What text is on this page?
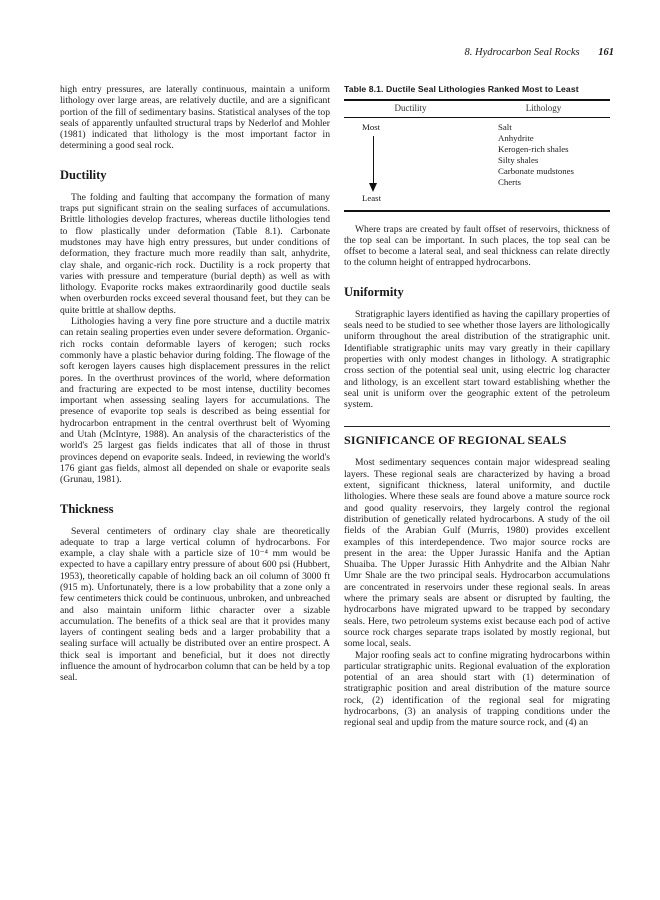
8. Hydrocarbon Seal Rocks 161

high entry pressures, are laterally continuous, maintain a uniform lithology over large areas, are relatively ductile, and are a significant portion of the fill of sedimentary basins. Statistical analyses of the top seals of apparently unfaulted structural traps by Nederlof and Mohler (1981) indicated that lithology is the most important factor in determining a good seal rock.

Ductility

The folding and faulting that accompany the formation of many traps put significant strain on the sealing surfaces of accumulations. Brittle lithologies develop fractures, whereas ductile lithologies tend to flow plastically under deformation (Table 8.1). Carbonate mudstones may have high entry pressures, but under conditions of deformation, they fracture much more readily than salt, anhydrite, clay shale, and organic-rich rock. Ductility is a rock property that varies with pressure and temperature (burial depth) as well as with lithology. Evaporite rocks makes extraordinarily good ductile seals when overburden rocks exceed several thousand feet, but they can be quite brittle at shallow depths.

Lithologies having a very fine pore structure and a ductile matrix can retain sealing properties even under severe deformation. Organic-rich rocks contain deformable layers of kerogen; such rocks commonly have a plastic behavior during folding. The flowage of the soft kerogen layers causes high displacement pressures in the relict pores. In the overthrust provinces of the world, where deformation and fracturing are expected to be most intense, ductility becomes important when assessing sealing layers for accumulations. The presence of evaporite top seals is described as being essential for hydrocarbon entrapment in the central overthrust belt of Wyoming and Utah (McIntyre, 1988). An analysis of the characteristics of the world's 25 largest gas fields indicates that all of those in thrust provinces depend on evaporite seals. Indeed, in reviewing the world's 176 giant gas fields, almost all depended on shale or evaporite seals (Grunau, 1981).

Thickness

Several centimeters of ordinary clay shale are theoretically adequate to trap a large vertical column of hydrocarbons. For example, a clay shale with a particle size of 10⁻⁴ mm would be expected to have a capillary entry pressure of about 600 psi (Hubbert, 1953), theoretically capable of holding back an oil column of 3000 ft (915 m). Unfortunately, there is a low probability that a zone only a few centimeters thick could be continuous, unbroken, and unbreached and also maintain uniform lithic character over a sizable accumulation. The benefits of a thick seal are that it provides many layers of contingent sealing beds and a larger probability that a sealing surface will actually be distributed over an entire prospect. A thick seal is important and beneficial, but it does not directly influence the amount of hydrocarbon column that can be held by a top seal.

Table 8.1. Ductile Seal Lithologies Ranked Most to Least
Ductility	Lithology
Most
Least
Salt
Anhydrite
Kerogen-rich shales
Silty shales
Carbonate mudstones
Cherts

Where traps are created by fault offset of reservoirs, thickness of the top seal can be important. In such places, the top seal can be offset to become a lateral seal, and seal thickness can relate directly to the column height of entrapped hydrocarbons.

Uniformity

Stratigraphic layers identified as having the capillary properties of seals need to be studied to see whether those layers are lithologically uniform throughout the areal distribution of the stratigraphic unit. Identifiable stratigraphic units may vary greatly in their capillary properties with only modest changes in lithology. A stratigraphic cross section of the potential seal unit, using electric log character and lithology, is an excellent start toward establishing whether the seal unit is uniform over the geographic extent of the petroleum system.

SIGNIFICANCE OF REGIONAL SEALS

Most sedimentary sequences contain major widespread sealing layers. These regional seals are characterized by having a broad extent, significant thickness, lateral uniformity, and ductile lithologies. Where these seals are found above a mature source rock and good quality reservoirs, they largely control the regional distribution of genetically related hydrocarbons. A study of the oil fields of the Arabian Gulf (Murris, 1980) provides excellent examples of this interdependence. Two major source rocks are present in the area: the Upper Jurassic Hanifa and the Aptian Shuaiba. The Upper Jurassic Hith Anhydrite and the Albian Nahr Umr Shale are the two principal seals. Hydrocarbon accumulations are concentrated in reservoirs under these regional seals. In areas where the primary seals are absent or disrupted by faulting, the hydrocarbons have migrated upward to be trapped by secondary seals. Here, two petroleum systems exist because each pod of active source rock charges separate traps isolated by mostly regional, but some local, seals.

Major roofing seals act to confine migrating hydrocarbons within particular stratigraphic units. Regional evaluation of the exploration potential of an area should start with (1) determination of stratigraphic position and areal distribution of the mature source rock, (2) identification of the regional seal for migrating hydrocarbons, (3) an analysis of trapping conditions under the regional seal and updip from the mature source rock, and (4) an
